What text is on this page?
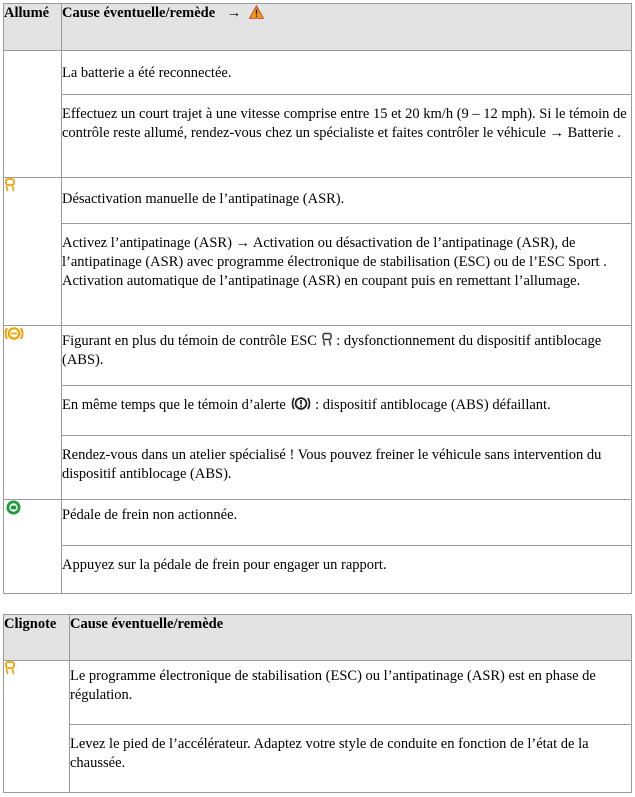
Allumé	Cause éventuelle/remède →
	La batterie a été reconnectée.
	Effectuez un court trajet à une vitesse comprise entre 15 et 20 km/h (9 – 12 mph). Si le témoin de contrôle reste allumé, rendez-vous chez un spécialiste et faites contrôler le véhicule → Batterie .
	Désactivation manuelle de l’antipatinage (ASR).
	Activez l’antipatinage (ASR) → Activation ou désactivation de l’antipatinage (ASR), de l’antipatinage (ASR) avec programme électronique de stabilisation (ESC) ou de l’ESC Sport . Activation automatique de l’antipatinage (ASR) en coupant puis en remettant l’allumage.
	Figurant en plus du témoin de contrôle ESC  : dysfonctionnement du dispositif antiblocage (ABS).
	En même temps que le témoin d’alerte  : dispositif antiblocage (ABS) défaillant.
	Rendez-vous dans un atelier spécialisé ! Vous pouvez freiner le véhicule sans intervention du dispositif antiblocage (ABS).
	Pédale de frein non actionnée.
	Appuyez sur la pédale de frein pour engager un rapport.
Clignote	Cause éventuelle/remède
	Le programme électronique de stabilisation (ESC) ou l’antipatinage (ASR) est en phase de régulation.
	Levez le pied de l’accélérateur. Adaptez votre style de conduite en fonction de l’état de la chaussée.
